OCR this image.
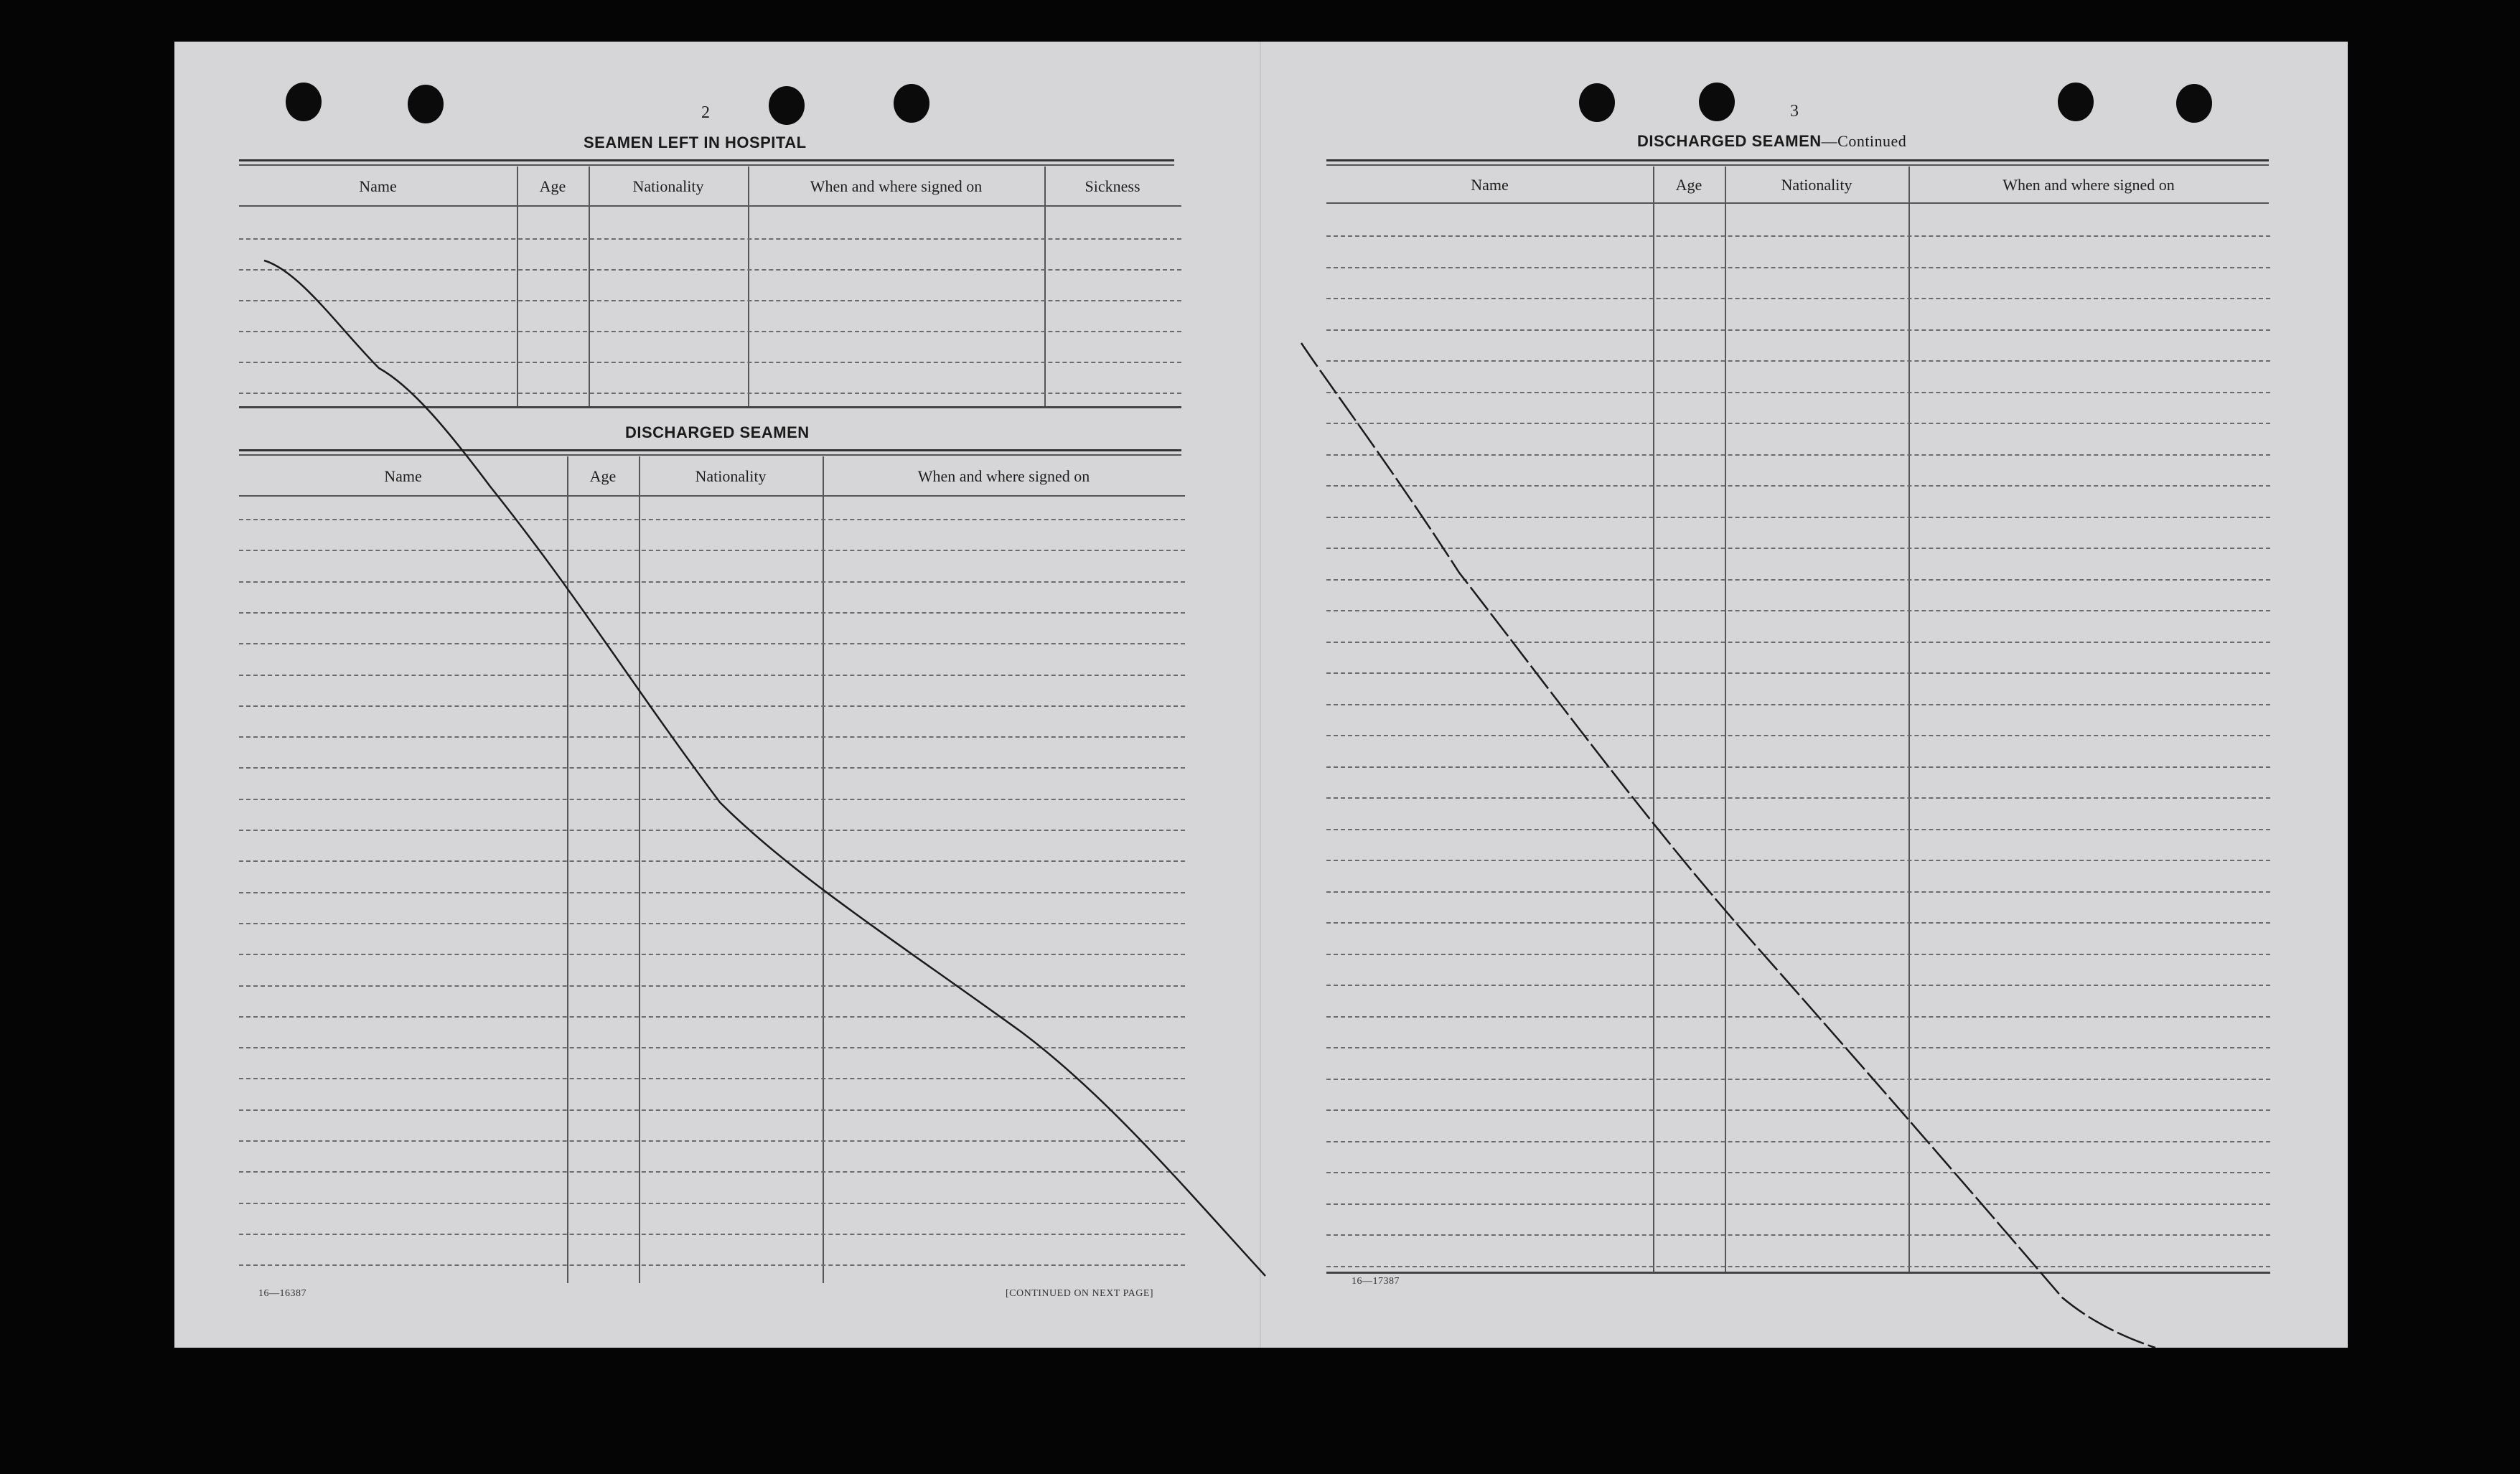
2
SEAMEN LEFT IN HOSPITAL
Name	Age	Nationality	When and where signed on	Sickness
DISCHARGED SEAMEN
Name	Age	Nationality	When and where signed on
16—16387	[CONTINUED ON NEXT PAGE]
3
DISCHARGED SEAMEN—Continued
Name	Age	Nationality	When and where signed on
16—17387
